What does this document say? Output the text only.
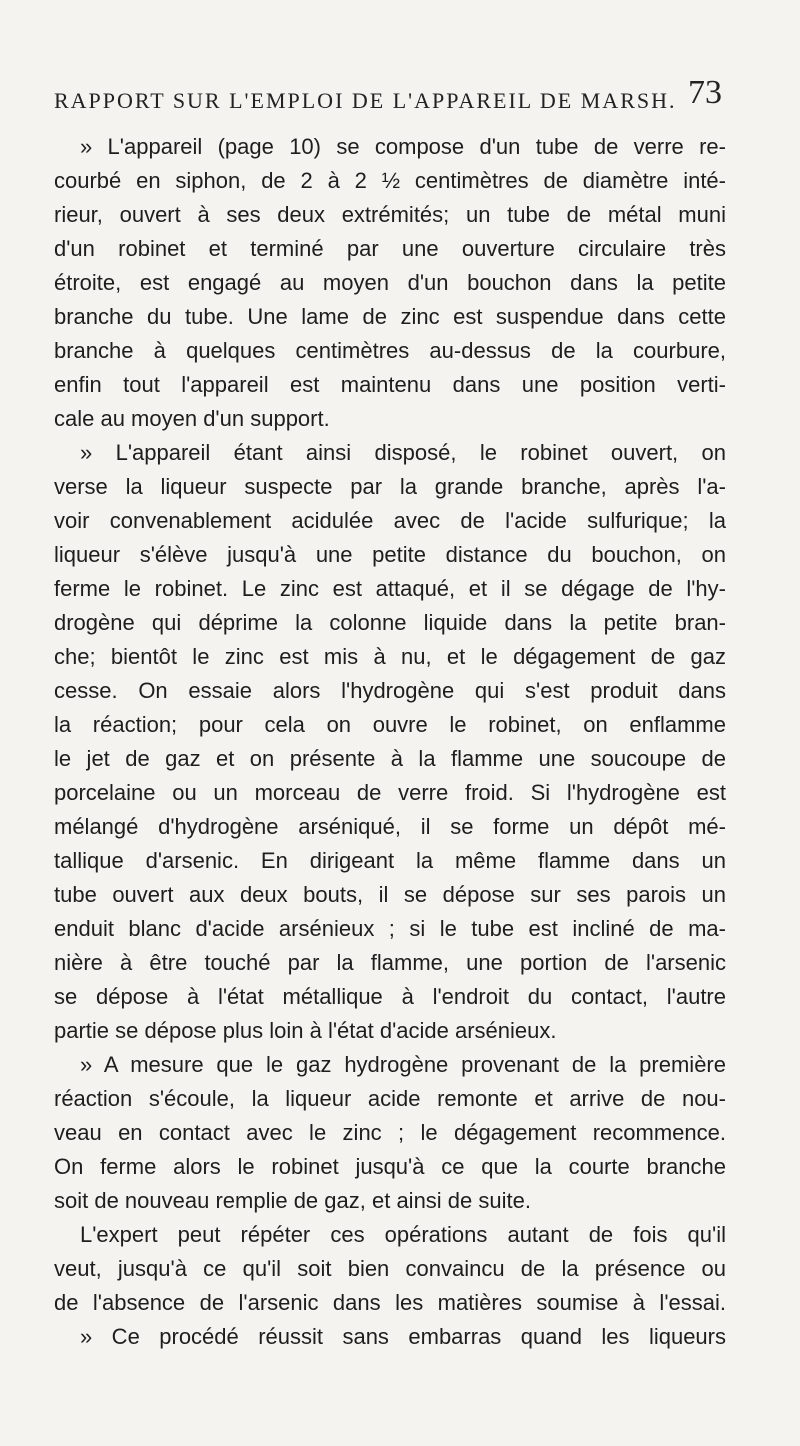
RAPPORT SUR L'EMPLOI DE L'APPAREIL DE MARSH. 73
» L'appareil (page 10) se compose d'un tube de verre re-
courbé en siphon, de 2 à 2 ½ centimètres de diamètre inté-
rieur, ouvert à ses deux extrémités; un tube de métal muni
d'un robinet et terminé par une ouverture circulaire très
étroite, est engagé au moyen d'un bouchon dans la petite
branche du tube. Une lame de zinc est suspendue dans cette
branche à quelques centimètres au-dessus de la courbure,
enfin tout l'appareil est maintenu dans une position verti-
cale au moyen d'un support.
» L'appareil étant ainsi disposé, le robinet ouvert, on
verse la liqueur suspecte par la grande branche, après l'a-
voir convenablement acidulée avec de l'acide sulfurique; la
liqueur s'élève jusqu'à une petite distance du bouchon, on
ferme le robinet. Le zinc est attaqué, et il se dégage de l'hy-
drogène qui déprime la colonne liquide dans la petite bran-
che; bientôt le zinc est mis à nu, et le dégagement de gaz
cesse. On essaie alors l'hydrogène qui s'est produit dans
la réaction; pour cela on ouvre le robinet, on enflamme
le jet de gaz et on présente à la flamme une soucoupe de
porcelaine ou un morceau de verre froid. Si l'hydrogène est
mélangé d'hydrogène arséniqué, il se forme un dépôt mé-
tallique d'arsenic. En dirigeant la même flamme dans un
tube ouvert aux deux bouts, il se dépose sur ses parois un
enduit blanc d'acide arsénieux ; si le tube est incliné de ma-
nière à être touché par la flamme, une portion de l'arsenic
se dépose à l'état métallique à l'endroit du contact, l'autre
partie se dépose plus loin à l'état d'acide arsénieux.
» A mesure que le gaz hydrogène provenant de la première
réaction s'écoule, la liqueur acide remonte et arrive de nou-
veau en contact avec le zinc ; le dégagement recommence.
On ferme alors le robinet jusqu'à ce que la courte branche
soit de nouveau remplie de gaz, et ainsi de suite.
L'expert peut répéter ces opérations autant de fois qu'il
veut, jusqu'à ce qu'il soit bien convaincu de la présence ou
de l'absence de l'arsenic dans les matières soumise à l'essai.
» Ce procédé réussit sans embarras quand les liqueurs
